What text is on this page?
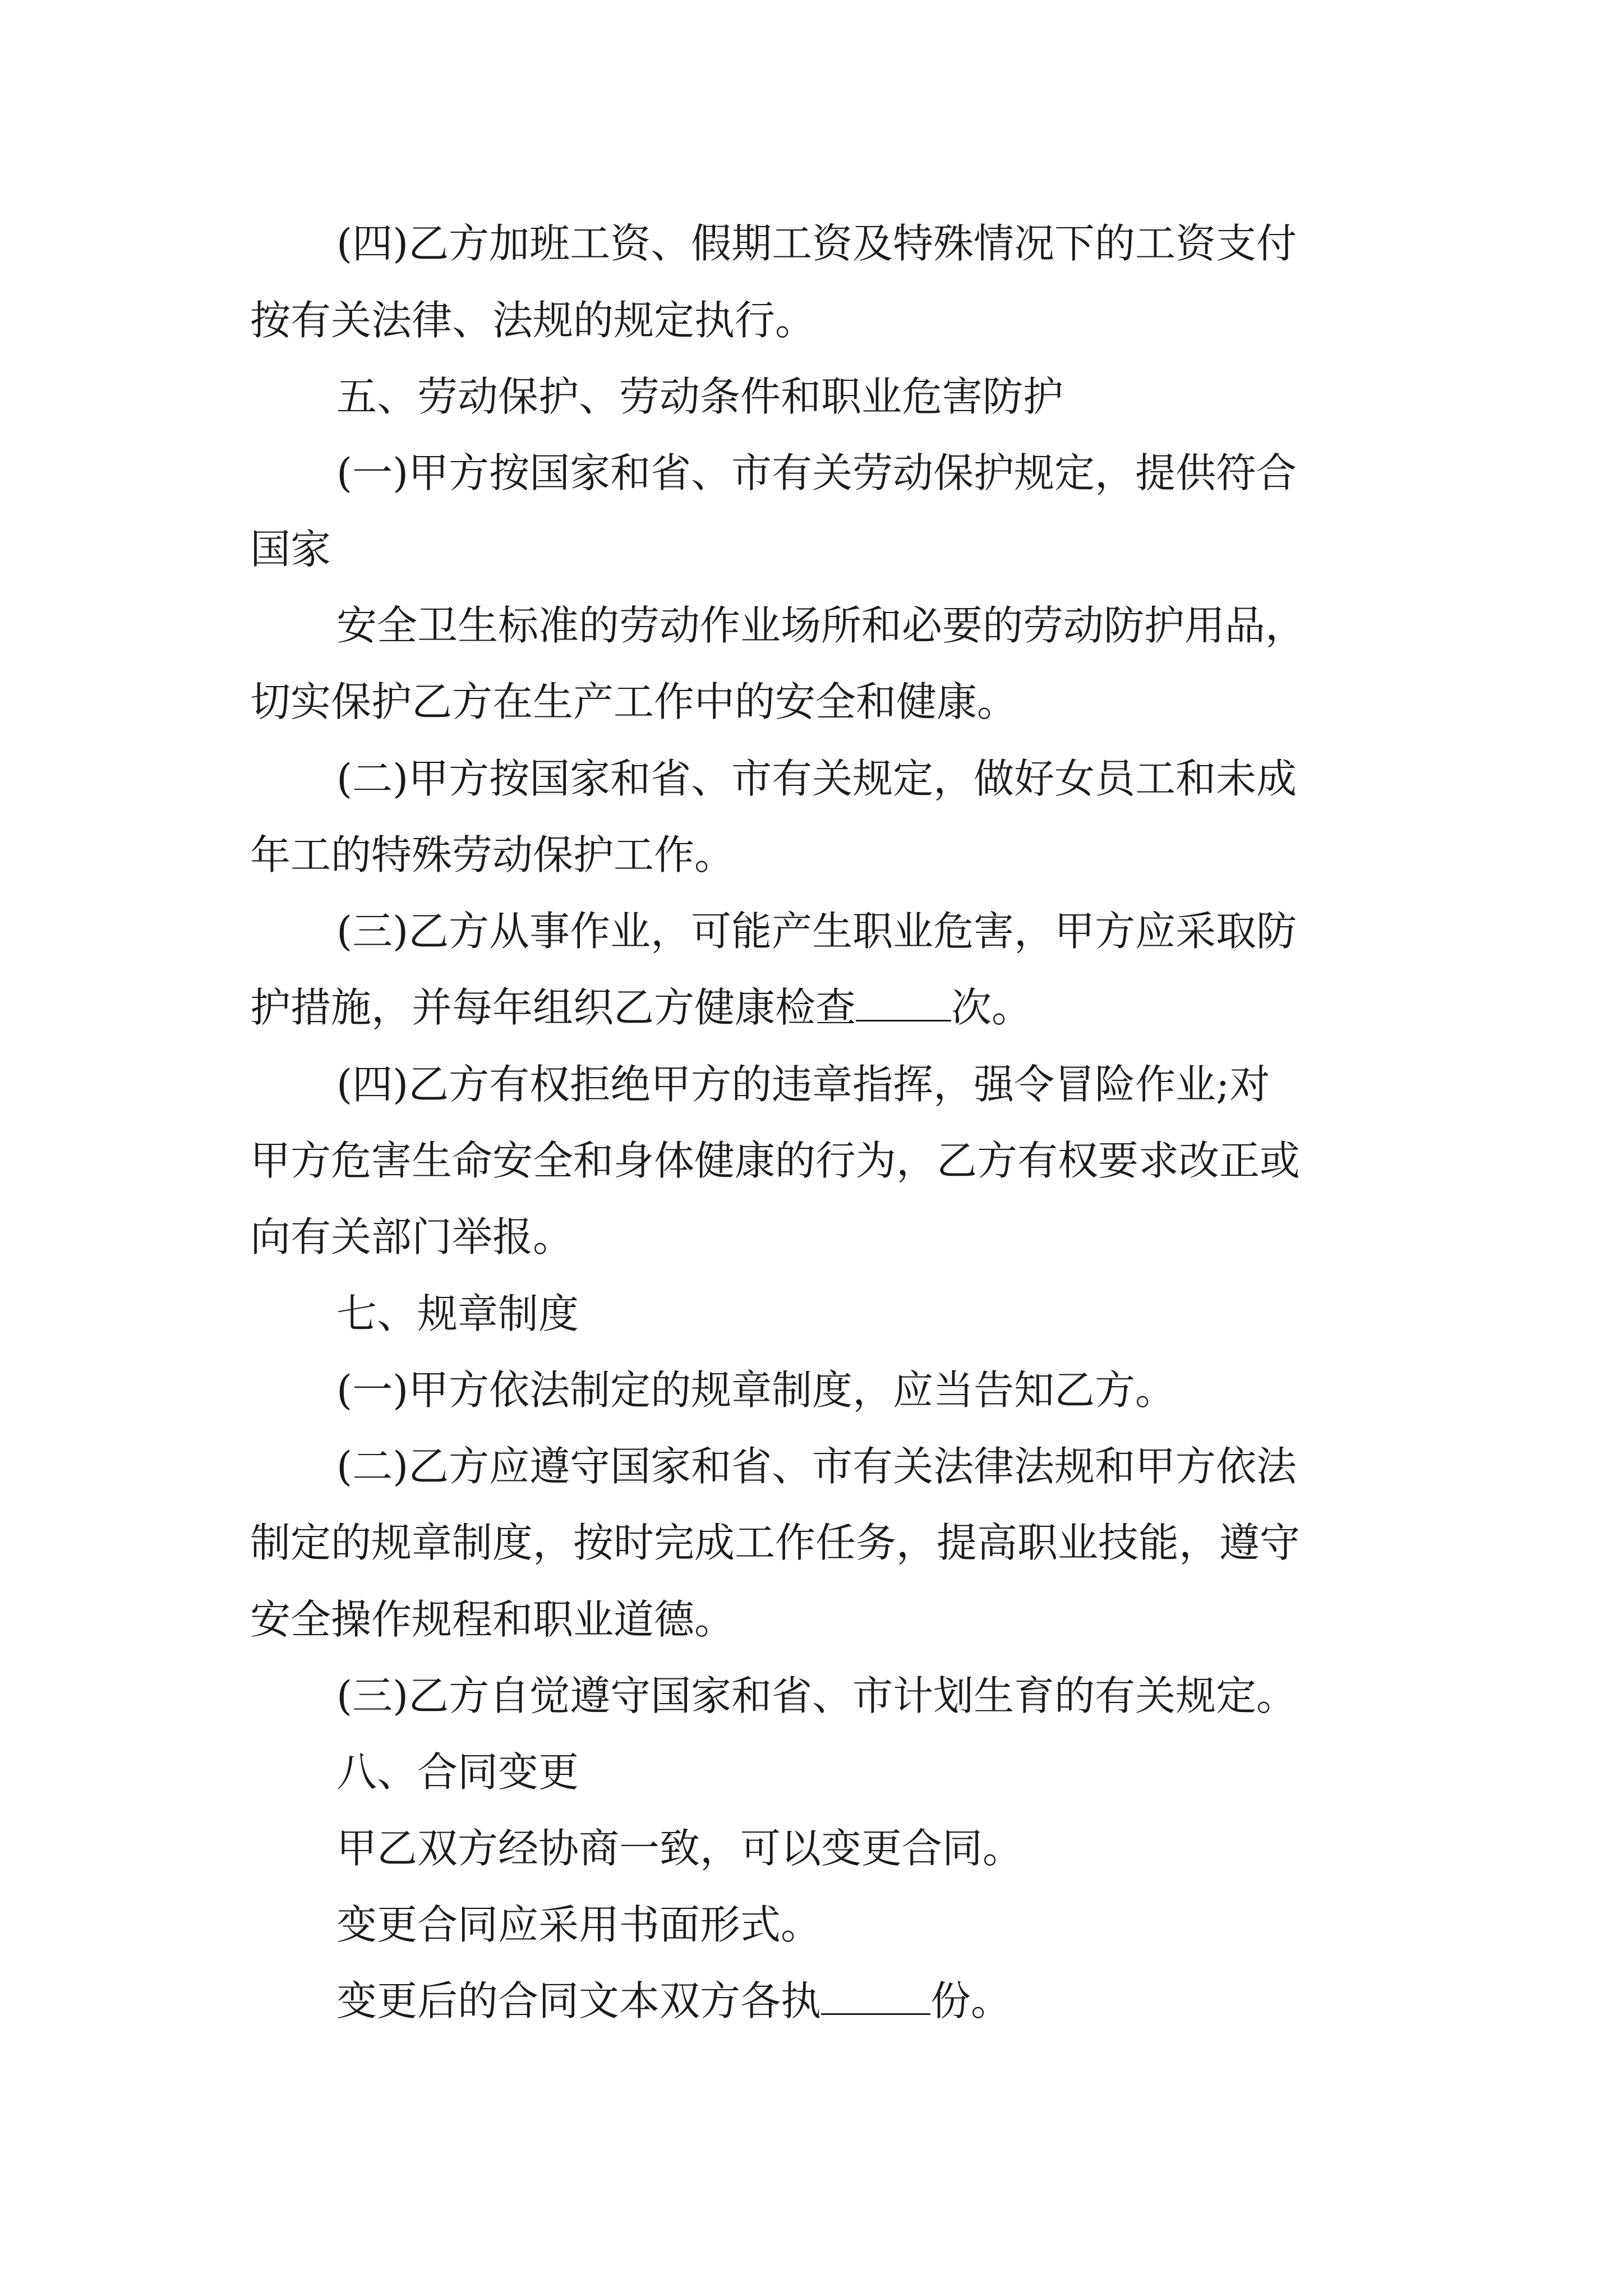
(四)乙方加班工资、假期工资及特殊情况下的工资支付
按有关法律、法规的规定执行。
五、劳动保护、劳动条件和职业危害防护
(一)甲方按国家和省、市有关劳动保护规定，提供符合
国家
安全卫生标准的劳动作业场所和必要的劳动防护用品，
切实保护乙方在生产工作中的安全和健康。
(二)甲方按国家和省、市有关规定，做好女员工和未成
年工的特殊劳动保护工作。
(三)乙方从事作业，可能产生职业危害，甲方应采取防
护措施，并每年组织乙方健康检查 次。
(四)乙方有权拒绝甲方的违章指挥，强令冒险作业;对
甲方危害生命安全和身体健康的行为，乙方有权要求改正或
向有关部门举报。
七、规章制度
(一)甲方依法制定的规章制度，应当告知乙方。
(二)乙方应遵守国家和省、市有关法律法规和甲方依法
制定的规章制度，按时完成工作任务，提高职业技能，遵守
安全操作规程和职业道德。
(三)乙方自觉遵守国家和省、市计划生育的有关规定。
八、合同变更
甲乙双方经协商一致，可以变更合同。
变更合同应采用书面形式。
变更后的合同文本双方各执	份。
